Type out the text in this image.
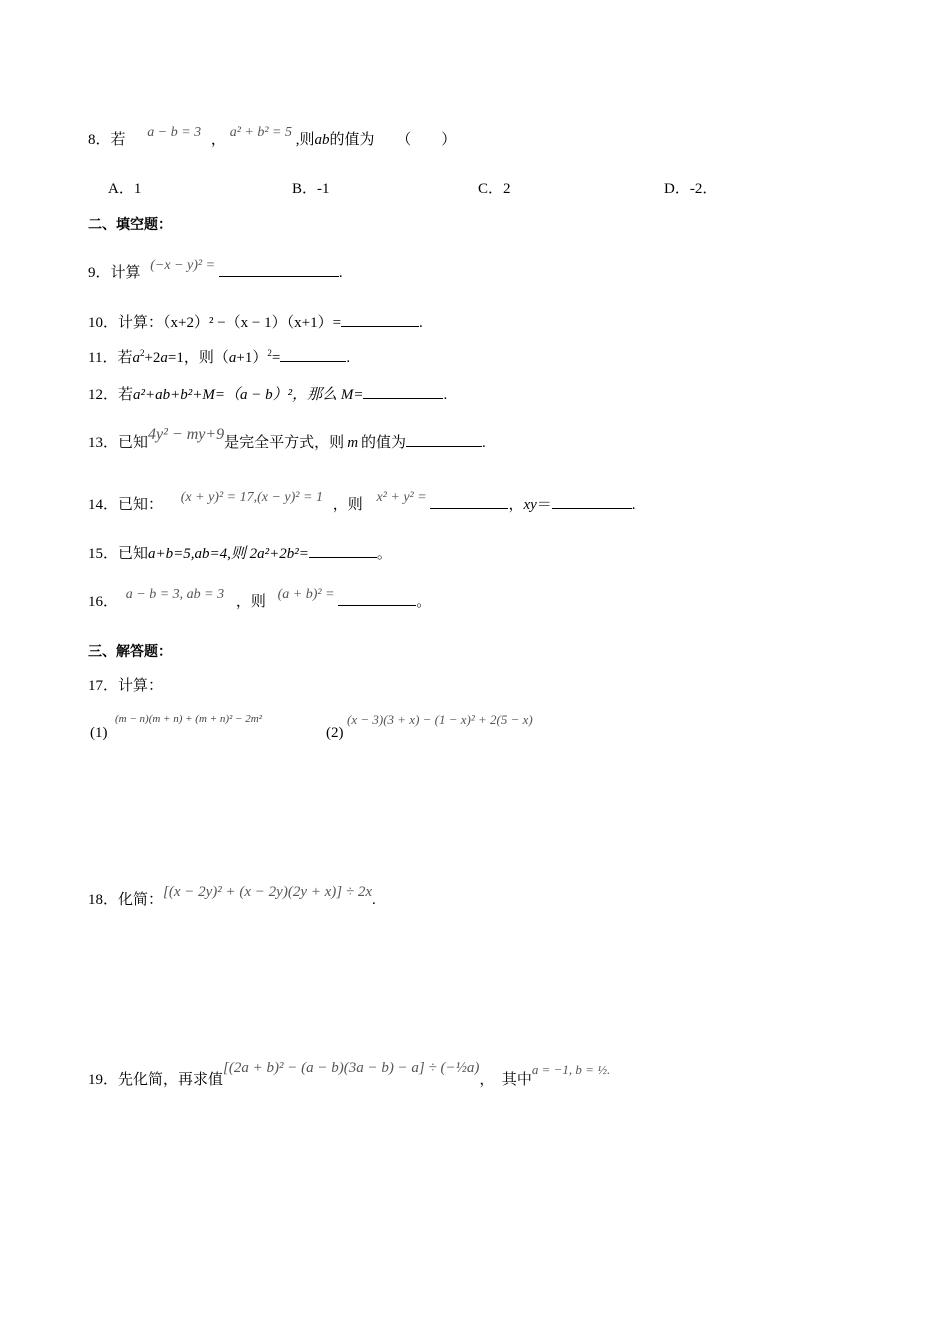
8．若 a − b = 3 ， a² + b² = 5 ,则ab的值为 （　　）
A．1	B．-1	C．2	D．-2．
二、填空题：
9．计算 (−x − y)² =	.
10．计算：（x+2）² −（x − 1）（x+1）=	.
11．若$a^2+2a=1$，则$(a+1)^2=$	.
12．若a²+ab+b²+M=（a − b）²，那么 M=	.
13．已知4y² − my+9是完全平方式，则 m 的值为	.
14．已知： (x + y)² = 17,(x − y)² = 1 ，则 x² + y² =	，xy＝	.
15．已知a+b=5,ab=4,则 2a²+2b²=	。
16． a − b = 3, ab = 3 ，则 (a + b)² =	。
三、解答题：
17．计算：
(1)
(m − n)(m + n) + (m + n)² − 2m²
(2)
(x − 3)(3 + x) − (1 − x)² + 2(5 − x)
18．化简：[(x − 2y)² + (x − 2y)(2y + x)] ÷ 2x.
19．先化简，再求值[(2a + b)² − (a − b)(3a − b) − a] ÷ (−½a)，　其中a = −1, b = ½.
